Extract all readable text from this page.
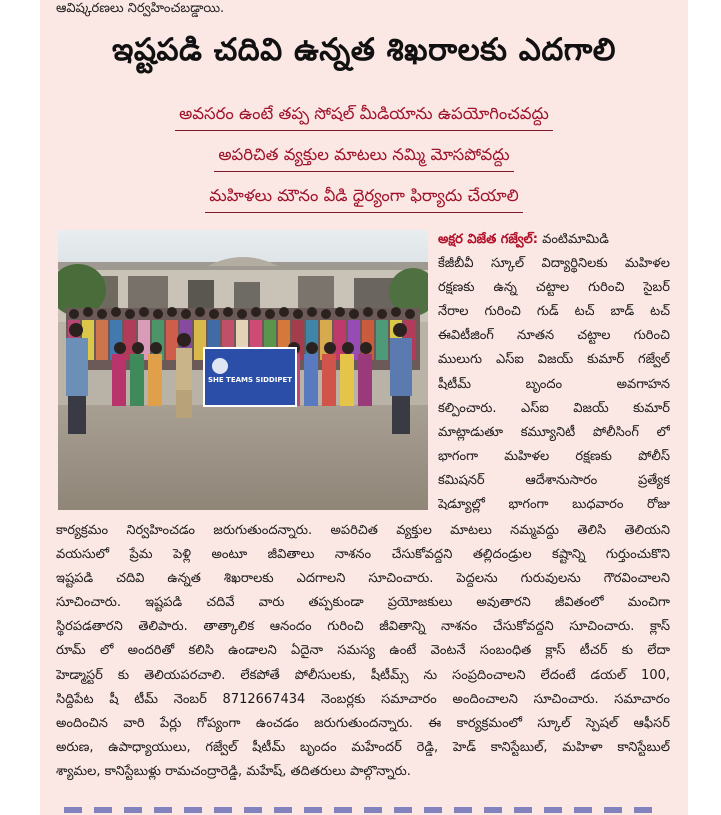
ఆవిష్కరణలు నిర్వహించబడ్డాయి.
ఇష్టపడి చదివి ఉన్నత శిఖరాలకు ఎదగాలి
అవసరం ఉంటే తప్ప సోషల్ మీడియాను ఉపయోగించవద్దు
అపరిచిత వ్యక్తుల మాటలు నమ్మి మోసపోవద్దు
మహిళలు మౌనం వీడి ధైర్యంగా ఫిర్యాదు చేయాలి
SHE TEAMS SIDDIPET
అక్షర విజేత గజ్వేల్: వంటిమామిడి
కేజీబీవీ స్కూల్ విద్యార్థినిలకు మహిళల
రక్షణకు ఉన్న చట్టాల గురించి సైబర్
నేరాల గురించి గుడ్ టచ్ బాడ్ టచ్
ఈవిటీజింగ్ నూతన చట్టాల గురించి
ములుగు ఎస్ఐ విజయ్ కుమార్ గజ్వేల్
షీటీమ్ బృందం అవగాహన
కల్పించారు. ఎస్ఐ విజయ్ కుమార్
మాట్లాడుతూ కమ్యూనిటీ పోలీసింగ్ లో
భాగంగా మహిళల రక్షణకు పోలీస్
కమిషనర్ ఆదేశానుసారం ప్రత్యేక
షెడ్యూల్లో భాగంగా బుధవారం రోజు
కార్యక్రమం నిర్వహించడం జరుగుతుందన్నారు. అపరిచిత వ్యక్తుల మాటలు నమ్మవద్దు తెలిసి తెలియని
వయసులో ప్రేమ పెళ్లి అంటూ జీవితాలు నాశనం చేసుకోవద్దని తల్లిదండ్రుల కష్టాన్ని గుర్తుంచుకొని
ఇష్టపడి చదివి ఉన్నత శిఖరాలకు ఎదగాలని సూచించారు. పెద్దలను గురువులను గౌరవించాలని
సూచించారు. ఇష్టపడి చదివే వారు తప్పకుండా ప్రయోజకులు అవుతారని జీవితంలో మంచిగా
స్థిరపడతారని తెలిపారు. తాత్కాలిక ఆనందం గురించి జీవితాన్ని నాశనం చేసుకోవద్దని సూచించారు. క్లాస్
రూమ్ లో అందరితో కలిసి ఉండాలని ఏదైనా సమస్య ఉంటే వెంటనే సంబంధిత క్లాస్ టీచర్ కు లేదా
హెడ్మాస్టర్ కు తెలియపరచాలి. లేకపోతే పోలీసులకు, షీటీమ్స్ ను సంప్రదించాలని లేదంటే డయల్ 100,
సిద్దిపేట షీ టీమ్ నెంబర్ 8712667434 నెంబర్లకు సమాచారం అందించాలని సూచించారు. సమాచారం
అందించిన వారి పేర్లు గోప్యంగా ఉంచడం జరుగుతుందన్నారు. ఈ కార్యక్రమంలో స్కూల్ స్పెషల్ ఆఫీసర్
అరుణ, ఉపాధ్యాయులు, గజ్వేల్ షీటీమ్ బృందం మహేందర్ రెడ్డి, హెడ్ కానిస్టేబుల్, మహిళా కానిస్టేబుల్
శ్యామల, కానిస్టేబుళ్లు రామచంద్రారెడ్డి, మహేష్, తదితరులు పాల్గొన్నారు.
